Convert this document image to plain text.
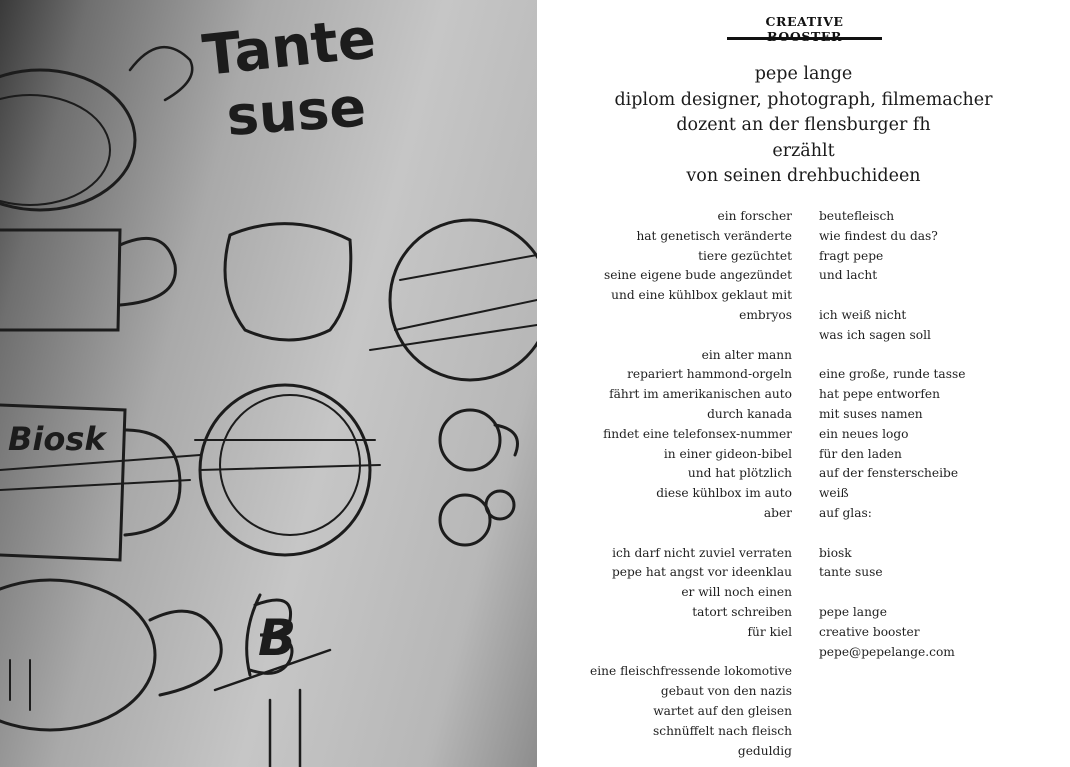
Tante
suse
Biosk
B
CREATIVE
pepe lange
diplom designer, photograph, filmemacher
dozent an der flensburger fh
erzählt
von seinen drehbuchideen
ein forscher
hat genetisch veränderte
tiere gezüchtet
seine eigene bude angezündet
und eine kühlbox geklaut mit
embryos
ein alter mann
repariert hammond-orgeln
fährt im amerikanischen auto
durch kanada
findet eine telefonsex-nummer
in einer gideon-bibel
und hat plötzlich
diese kühlbox im auto
aber
ich darf nicht zuviel verraten
pepe hat angst vor ideenklau
er will noch einen
tatort schreiben
für kiel
eine fleischfressende lokomotive
gebaut von den nazis
wartet auf den gleisen
schnüffelt nach fleisch
geduldig
beutefleisch
wie findest du das?
fragt pepe
und lacht
ich weiß nicht
was ich sagen soll
eine große, runde tasse
hat pepe entworfen
mit suses namen
ein neues logo
für den laden
auf der fensterscheibe
weiß
auf glas:
biosk
tante suse
pepe lange
creative booster
pepe@pepelange.com
